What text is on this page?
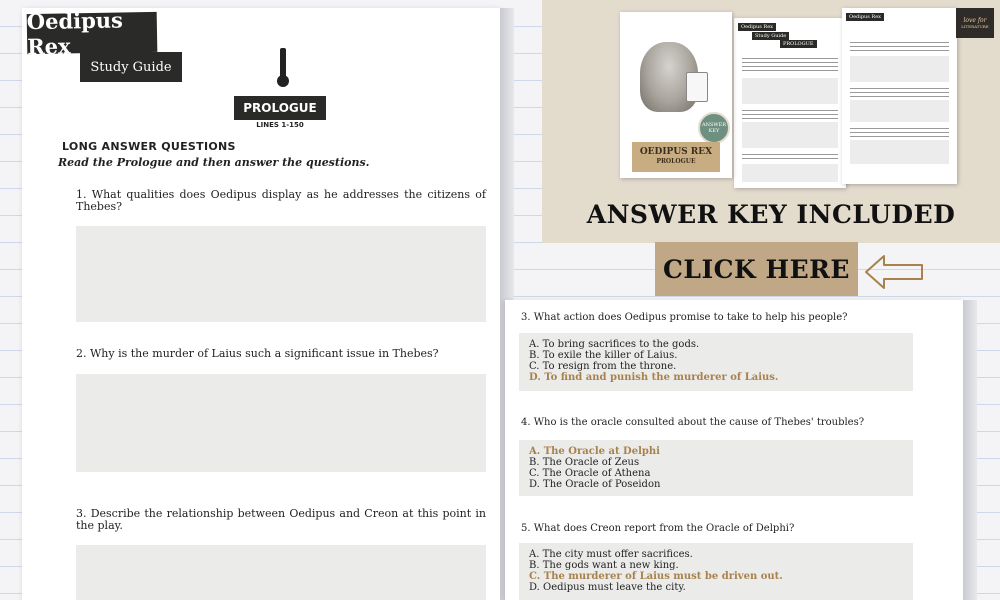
Oedipus Rex
Study Guide
PROLOGUE
LINES 1-150
LONG ANSWER QUESTIONS
Read the Prologue and then answer the questions.
1. What qualities does Oedipus display as he addresses the citizens of Thebes?
2. Why is the murder of Laius such a significant issue in Thebes?
3. Describe the relationship between Oedipus and Creon at this point in the play.
Oedipus Rex
Study Guide
PROLOGUE
Oedipus Rex
ANSWER KEY
OEDIPUS REX
PROLOGUE
love for
LITERATURE
ANSWER KEY INCLUDED
CLICK HERE
3. What action does Oedipus promise to take to help his people?
A. To bring sacrifices to the gods.
B. To exile the killer of Laius.
C. To resign from the throne.
D. To find and punish the murderer of Laius.
4. Who is the oracle consulted about the cause of Thebes' troubles?
A. The Oracle at Delphi
B. The Oracle of Zeus
C. The Oracle of Athena
D. The Oracle of Poseidon
5. What does Creon report from the Oracle of Delphi?
A. The city must offer sacrifices.
B. The gods want a new king.
C. The murderer of Laius must be driven out.
D. Oedipus must leave the city.
